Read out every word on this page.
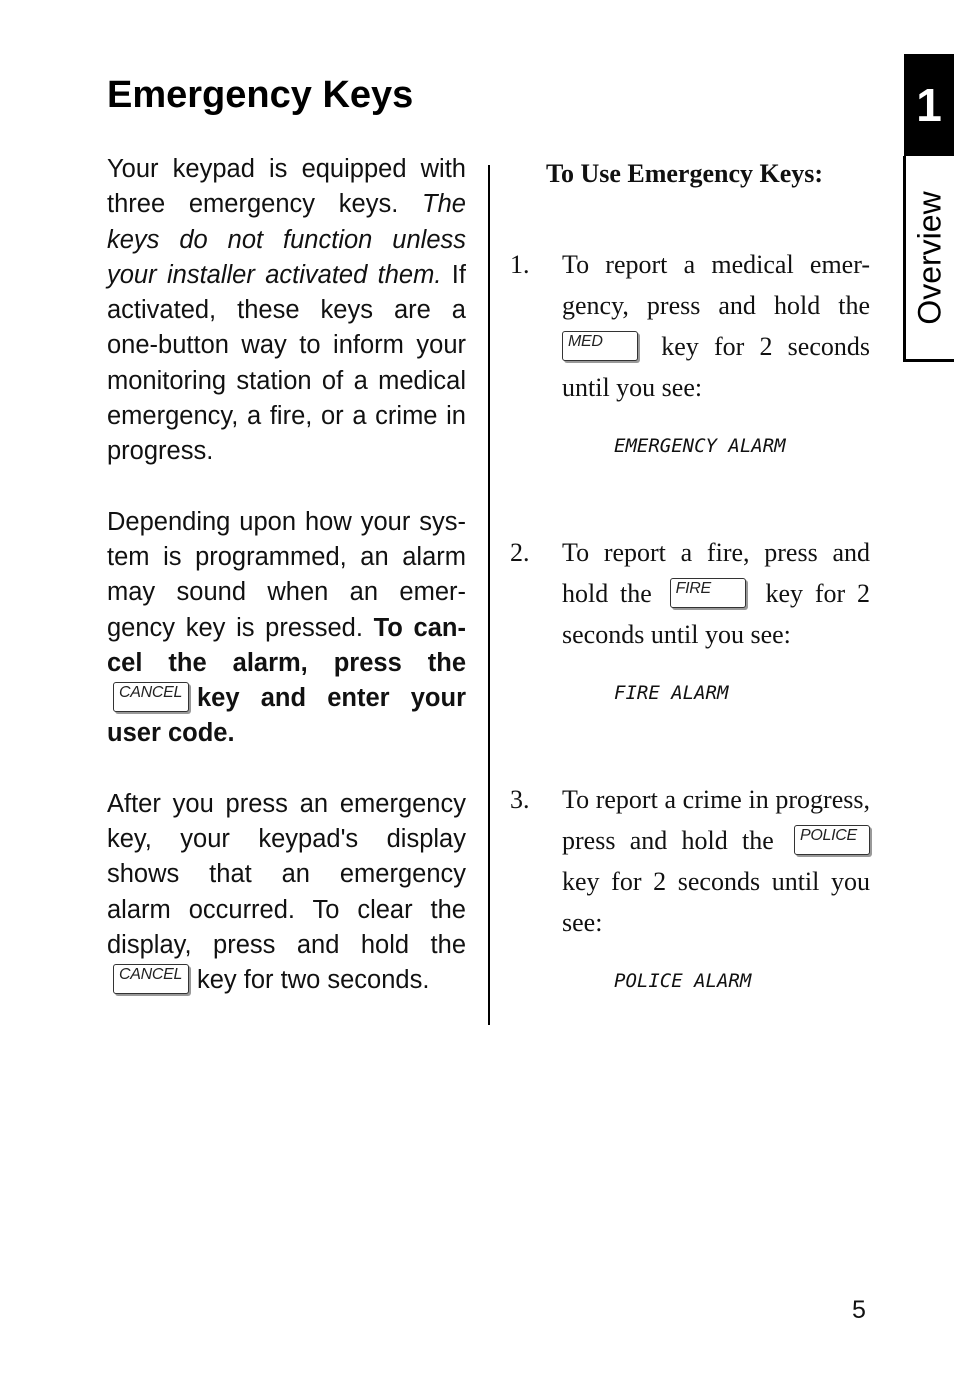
Emergency Keys	1
Overview

Your keypad is equipped with three emergency keys. The keys do not function unless your installer activated them. If activated, these keys are a one-button way to inform your monitoring station of a medical emergency, a fire, or a crime in progress.

Depending upon how your sys-tem is programmed, an alarm may sound when an emer-gency key is pressed. To can-cel the alarm, press the
CANCEL key and enter your user code.

After you press an emergency key, your keypad's display shows that an emergency alarm occurred. To clear the display, press and hold the
CANCEL key for two seconds.

To Use Emergency Keys:
1. To report a medical emer-gency, press and hold the
MED key for 2 seconds until you see:
EMERGENCY ALARM
2. To report a fire, press and hold the FIRE key for 2 seconds until you see:
FIRE ALARM
3. To report a crime in progress, press and hold the POLICE
key for 2 seconds until you see:
POLICE ALARM
5
